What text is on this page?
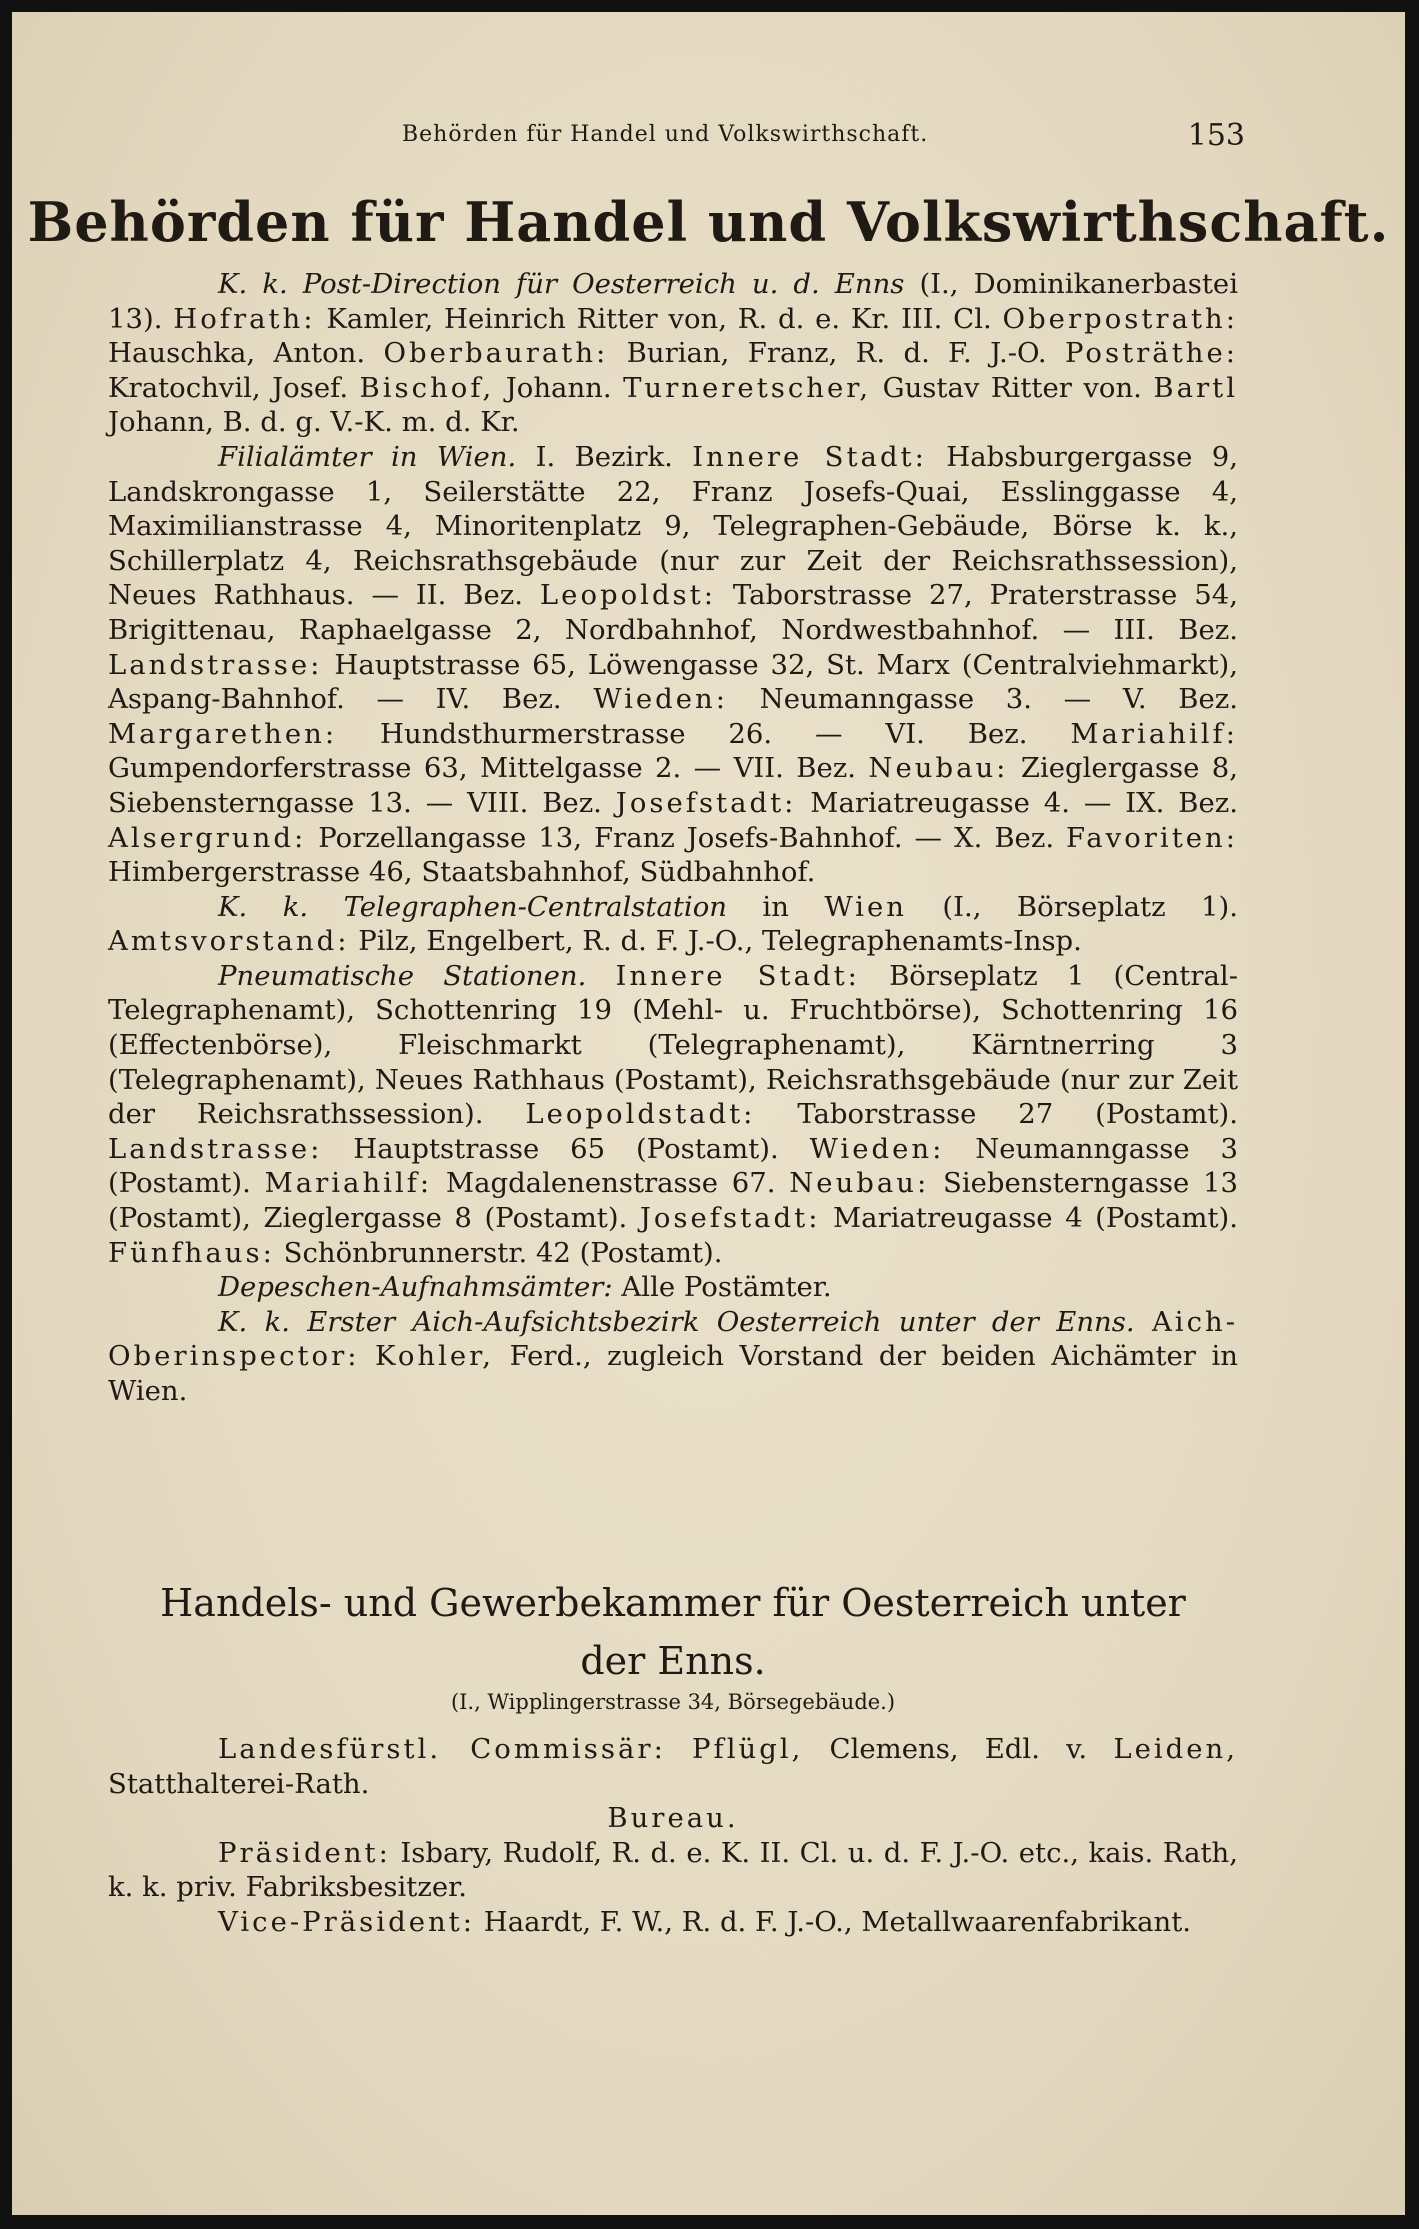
Behörden für Handel und Volkswirthschaft.	153
Behörden für Handel und Volkswirthschaft.

K. k. Post-Direction für Oesterreich u. d. Enns (I., Dominikanerbastei 13). Hofrath: Kamler, Heinrich Ritter von, R. d. e. Kr. III. Cl. Oberpostrath: Hauschka, Anton. Oberbaurath: Burian, Franz, R. d. F. J.-O. Posträthe: Kratochvil, Josef. Bischof, Johann. Turneretscher, Gustav Ritter von. Bartl Johann, B. d. g. V.-K. m. d. Kr.

Filialämter in Wien. I. Bezirk. Innere Stadt: Habsburgergasse 9, Landskrongasse 1, Seilerstätte 22, Franz Josefs-Quai, Esslinggasse 4, Maximilianstrasse 4, Minoritenplatz 9, Telegraphen-Gebäude, Börse k. k., Schillerplatz 4, Reichsrathsgebäude (nur zur Zeit der Reichsrathssession), Neues Rathhaus. — II. Bez. Leopoldst: Taborstrasse 27, Praterstrasse 54, Brigittenau, Raphaelgasse 2, Nordbahnhof, Nordwestbahnhof. — III. Bez. Landstrasse: Hauptstrasse 65, Löwengasse 32, St. Marx (Centralviehmarkt), Aspang-Bahnhof. — IV. Bez. Wieden: Neumanngasse 3. — V. Bez. Margarethen: Hundsthurmerstrasse 26. — VI. Bez. Mariahilf: Gumpendorferstrasse 63, Mittelgasse 2. — VII. Bez. Neubau: Zieglergasse 8, Siebensterngasse 13. — VIII. Bez. Josefstadt: Mariatreugasse 4. — IX. Bez. Alsergrund: Porzellangasse 13, Franz Josefs-Bahnhof. — X. Bez. Favoriten: Himbergerstrasse 46, Staatsbahnhof, Südbahnhof.

K. k. Telegraphen-Centralstation in Wien (I., Börseplatz 1). Amtsvorstand: Pilz, Engelbert, R. d. F. J.-O., Telegraphenamts-Insp.

Pneumatische Stationen. Innere Stadt: Börseplatz 1 (Central-Telegraphenamt), Schottenring 19 (Mehl- u. Fruchtbörse), Schottenring 16 (Effectenbörse), Fleischmarkt (Telegraphenamt), Kärntnerring 3 (Telegraphenamt), Neues Rathhaus (Postamt), Reichsrathsgebäude (nur zur Zeit der Reichsrathssession). Leopoldstadt: Taborstrasse 27 (Postamt). Landstrasse: Hauptstrasse 65 (Postamt). Wieden: Neumanngasse 3 (Postamt). Mariahilf: Magdalenenstrasse 67. Neubau: Siebensterngasse 13 (Postamt), Zieglergasse 8 (Postamt). Josefstadt: Mariatreugasse 4 (Postamt). Fünfhaus: Schönbrunnerstr. 42 (Postamt).

Depeschen-Aufnahmsämter: Alle Postämter.

K. k. Erster Aich-Aufsichtsbezirk Oesterreich unter der Enns. Aich-Oberinspector: Kohler, Ferd., zugleich Vorstand der beiden Aichämter in Wien.

Handels- und Gewerbekammer für Oesterreich unter
der Enns.
(I., Wipplingerstrasse 34, Börsegebäude.)

Landesfürstl. Commissär: Pflügl, Clemens, Edl. v. Leiden, Statthalterei-Rath.

Bureau.

Präsident: Isbary, Rudolf, R. d. e. K. II. Cl. u. d. F. J.-O. etc., kais. Rath, k. k. priv. Fabriksbesitzer.

Vice-Präsident: Haardt, F. W., R. d. F. J.-O., Metallwaarenfabrikant.
